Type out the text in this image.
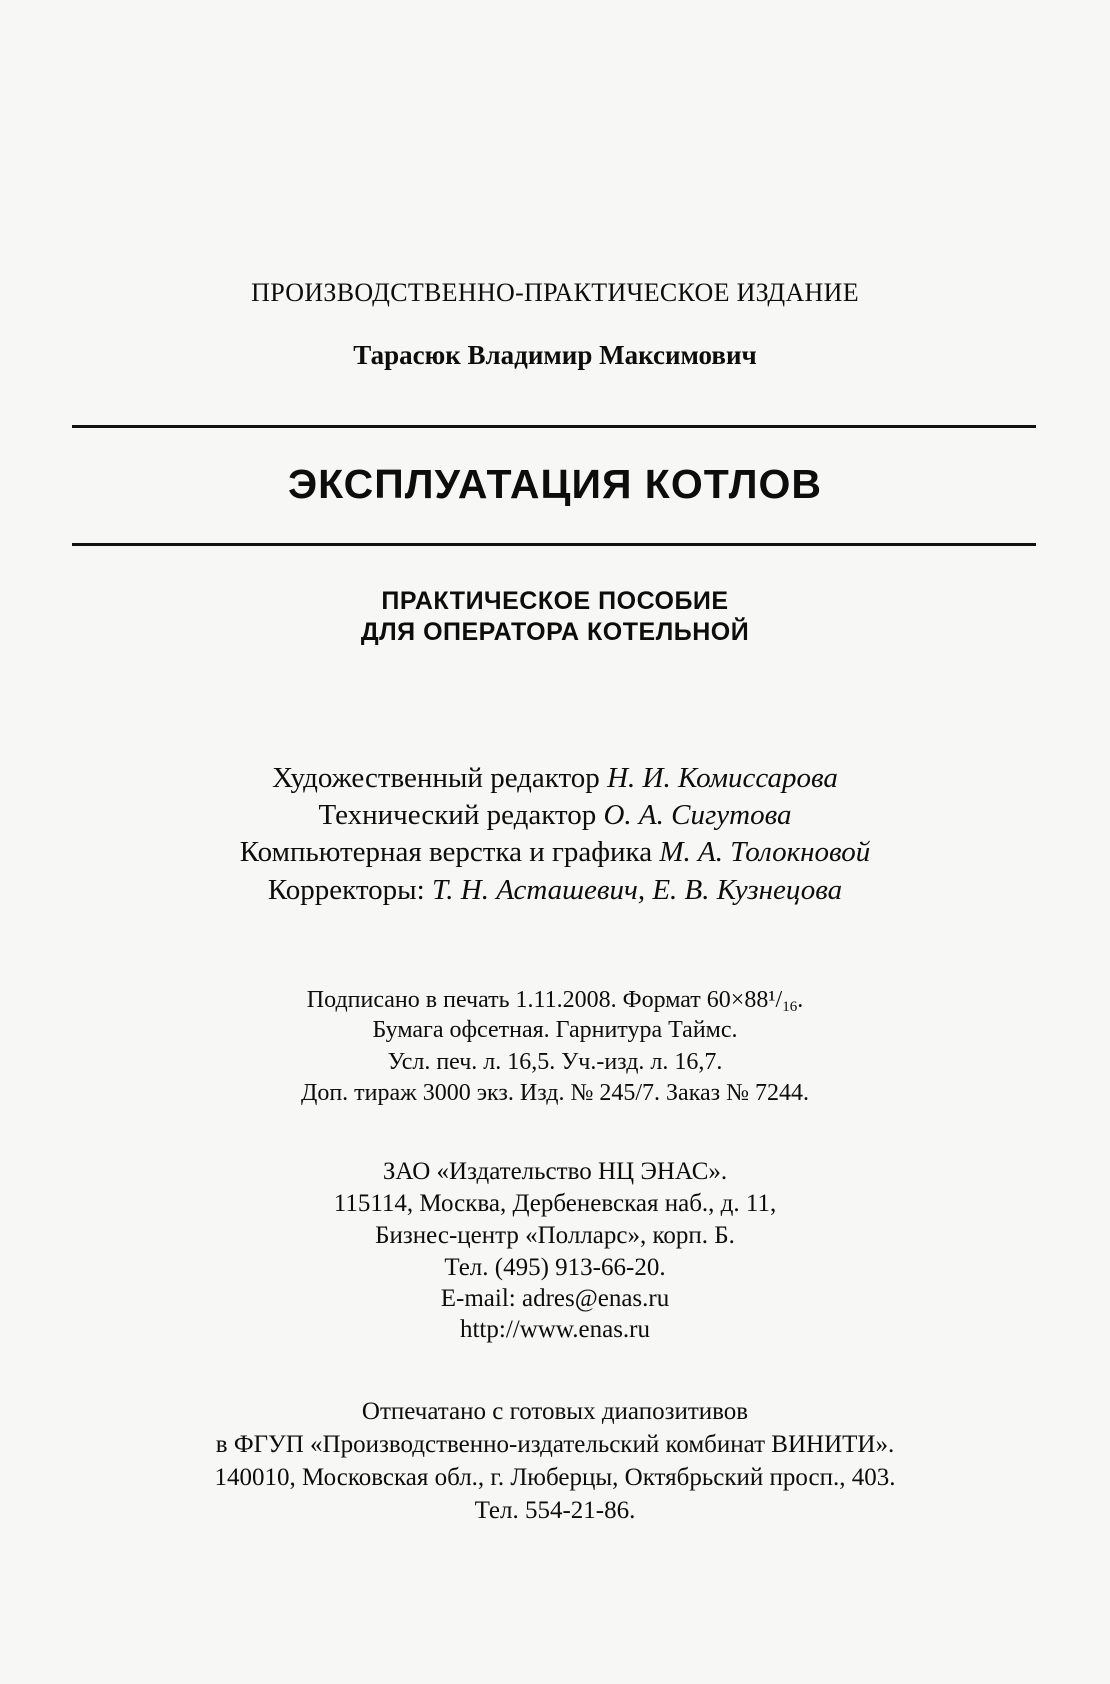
ПРОИЗВОДСТВЕННО-ПРАКТИЧЕСКОЕ ИЗДАНИЕ
Тарасюк Владимир Максимович
ЭКСПЛУАТАЦИЯ КОТЛОВ
ПРАКТИЧЕСКОЕ ПОСОБИЕ
ДЛЯ ОПЕРАТОРА КОТЕЛЬНОЙ
Художественный редактор Н. И. Комиссарова
Технический редактор О. А. Сигутова
Компьютерная верстка и графика М. А. Толокновой
Корректоры: Т. Н. Асташевич, Е. В. Кузнецова
Подписано в печать 1.11.2008. Формат $60\times 88^1/_{16}$.
Бумага офсетная. Гарнитура Таймс.
Усл. печ. л. 16,5. Уч.-изд. л. 16,7.
Доп. тираж 3000 экз. Изд. № 245/7. Заказ № 7244.
ЗАО «Издательство НЦ ЭНАС».
115114, Москва, Дербеневская наб., д. 11,
Бизнес-центр «Полларс», корп. Б.
Тел. (495) 913-66-20.
E-mail: adres@enas.ru
http://www.enas.ru
Отпечатано с готовых диапозитивов
в ФГУП «Производственно-издательский комбинат ВИНИТИ».
140010, Московская обл., г. Люберцы, Октябрьский просп., 403.
Тел. 554-21-86.
